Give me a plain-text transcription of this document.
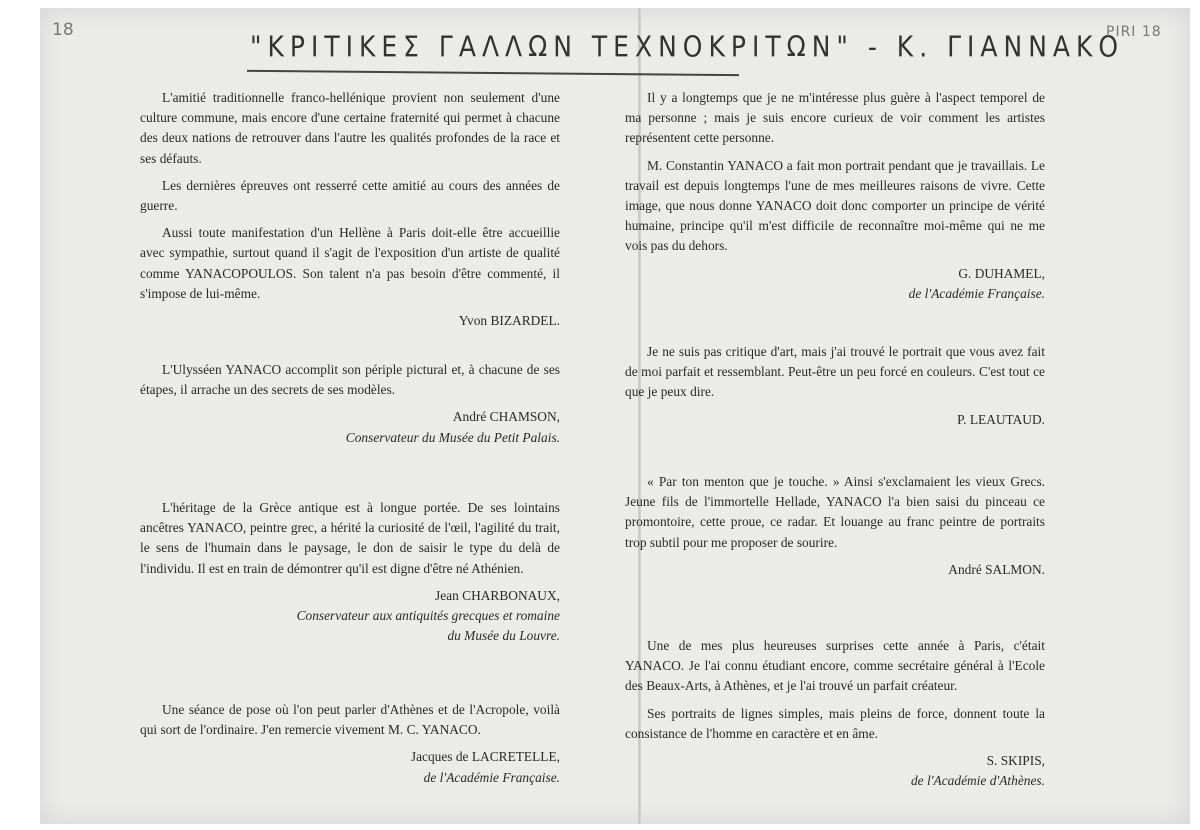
18	"ΚΡΙΤΙΚΕΣ ΓΑΛΛΩΝ ΤΕΧΝΟΚΡΙΤΩΝ" - Κ. ΓΙΑΝΝΑΚΟ
PIRI 18

L'amitié traditionnelle franco-hellénique provient non seulement d'une culture commune, mais encore d'une certaine fraternité qui permet à chacune des deux nations de retrouver dans l'autre les qualités profondes de la race et ses défauts.

Les dernières épreuves ont resserré cette amitié au cours des années de guerre.

Aussi toute manifestation d'un Hellène à Paris doit-elle être accueillie avec sympathie, surtout quand il s'agit de l'exposition d'un artiste de qualité comme YANACOPOULOS. Son talent n'a pas besoin d'être commenté, il s'impose de lui-même.

Yvon BIZARDEL.

L'Ulysséen YANACO accomplit son périple pictural et, à chacune de ses étapes, il arrache un des secrets de ses modèles.

André CHAMSON,
Conservateur du Musée du Petit Palais.

L'héritage de la Grèce antique est à longue portée. De ses lointains ancêtres YANACO, peintre grec, a hérité la curiosité de l'œil, l'agilité du trait, le sens de l'humain dans le paysage, le don de saisir le type du delà de l'individu. Il est en train de démontrer qu'il est digne d'être né Athénien.

Jean CHARBONAUX,
Conservateur aux antiquités grecques et romaine
du Musée du Louvre.

Une séance de pose où l'on peut parler d'Athènes et de l'Acropole, voilà qui sort de l'ordinaire. J'en remercie vivement M. C. YANACO.

Jacques de LACRETELLE,
de l'Académie Française.

Il y a longtemps que je ne m'intéresse plus guère à l'aspect temporel de ma personne ; mais je suis encore curieux de voir comment les artistes représentent cette personne.

M. Constantin YANACO a fait mon portrait pendant que je travaillais. Le travail est depuis longtemps l'une de mes meilleures raisons de vivre. Cette image, que nous donne YANACO doit donc comporter un principe de vérité humaine, principe qu'il m'est difficile de reconnaître moi-même qui ne me vois pas du dehors.

G. DUHAMEL,
de l'Académie Française.

Je ne suis pas critique d'art, mais j'ai trouvé le portrait que vous avez fait de moi parfait et ressemblant. Peut-être un peu forcé en couleurs. C'est tout ce que je peux dire.

P. LEAUTAUD.

« Par ton menton que je touche. » Ainsi s'exclamaient les vieux Grecs. Jeune fils de l'immortelle Hellade, YANACO l'a bien saisi du pinceau ce promontoire, cette proue, ce radar. Et louange au franc peintre de portraits trop subtil pour me proposer de sourire.

André SALMON.

Une de mes plus heureuses surprises cette année à Paris, c'était YANACO. Je l'ai connu étudiant encore, comme secrétaire général à l'Ecole des Beaux-Arts, à Athènes, et je l'ai trouvé un parfait créateur.

Ses portraits de lignes simples, mais pleins de force, donnent toute la consistance de l'homme en caractère et en âme.

S. SKIPIS,
de l'Académie d'Athènes.
